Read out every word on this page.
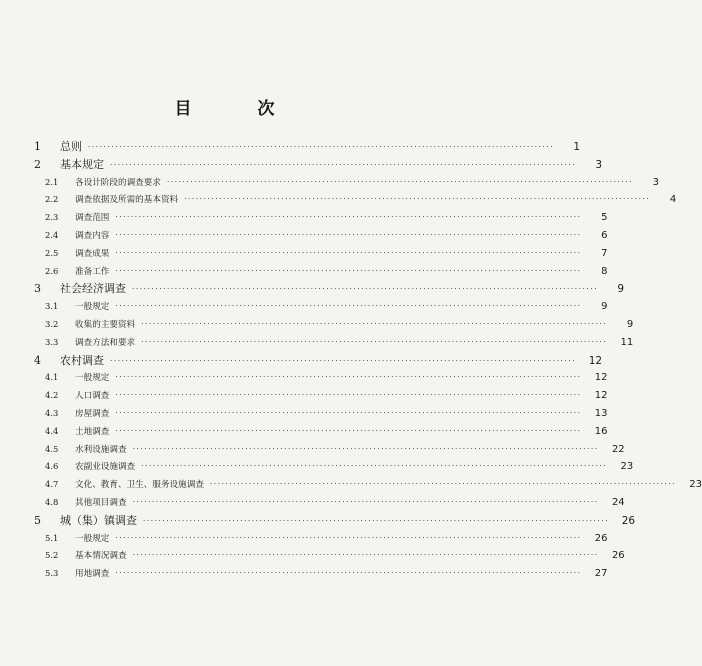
目 次
1	总则 ························································································································	1
2	基本规定 ························································································································	3
2.1	各设计阶段的调查要求 ························································································································	3
2.2	调查依据及所需的基本资料 ························································································································	4
2.3	调查范围 ························································································································	5
2.4	调查内容 ························································································································	6
2.5	调查成果 ························································································································	7
2.6	准备工作 ························································································································	8
3	社会经济调查 ························································································································	9
3.1	一般规定 ························································································································	9
3.2	收集的主要资料 ························································································································	9
3.3	调查方法和要求 ························································································································	11
4	农村调查 ························································································································	12
4.1	一般规定 ························································································································	12
4.2	人口调查 ························································································································	12
4.3	房屋调查 ························································································································	13
4.4	土地调查 ························································································································	16
4.5	水利设施调查 ························································································································	22
4.6	农副业设施调查 ························································································································	23
4.7	文化、教育、卫生、服务设施调查 ························································································································	23
4.8	其他项目调查 ························································································································	24
5	城（集）镇调查 ························································································································	26
5.1	一般规定 ························································································································	26
5.2	基本情况调查 ························································································································	26
5.3	用地调查 ························································································································	27
